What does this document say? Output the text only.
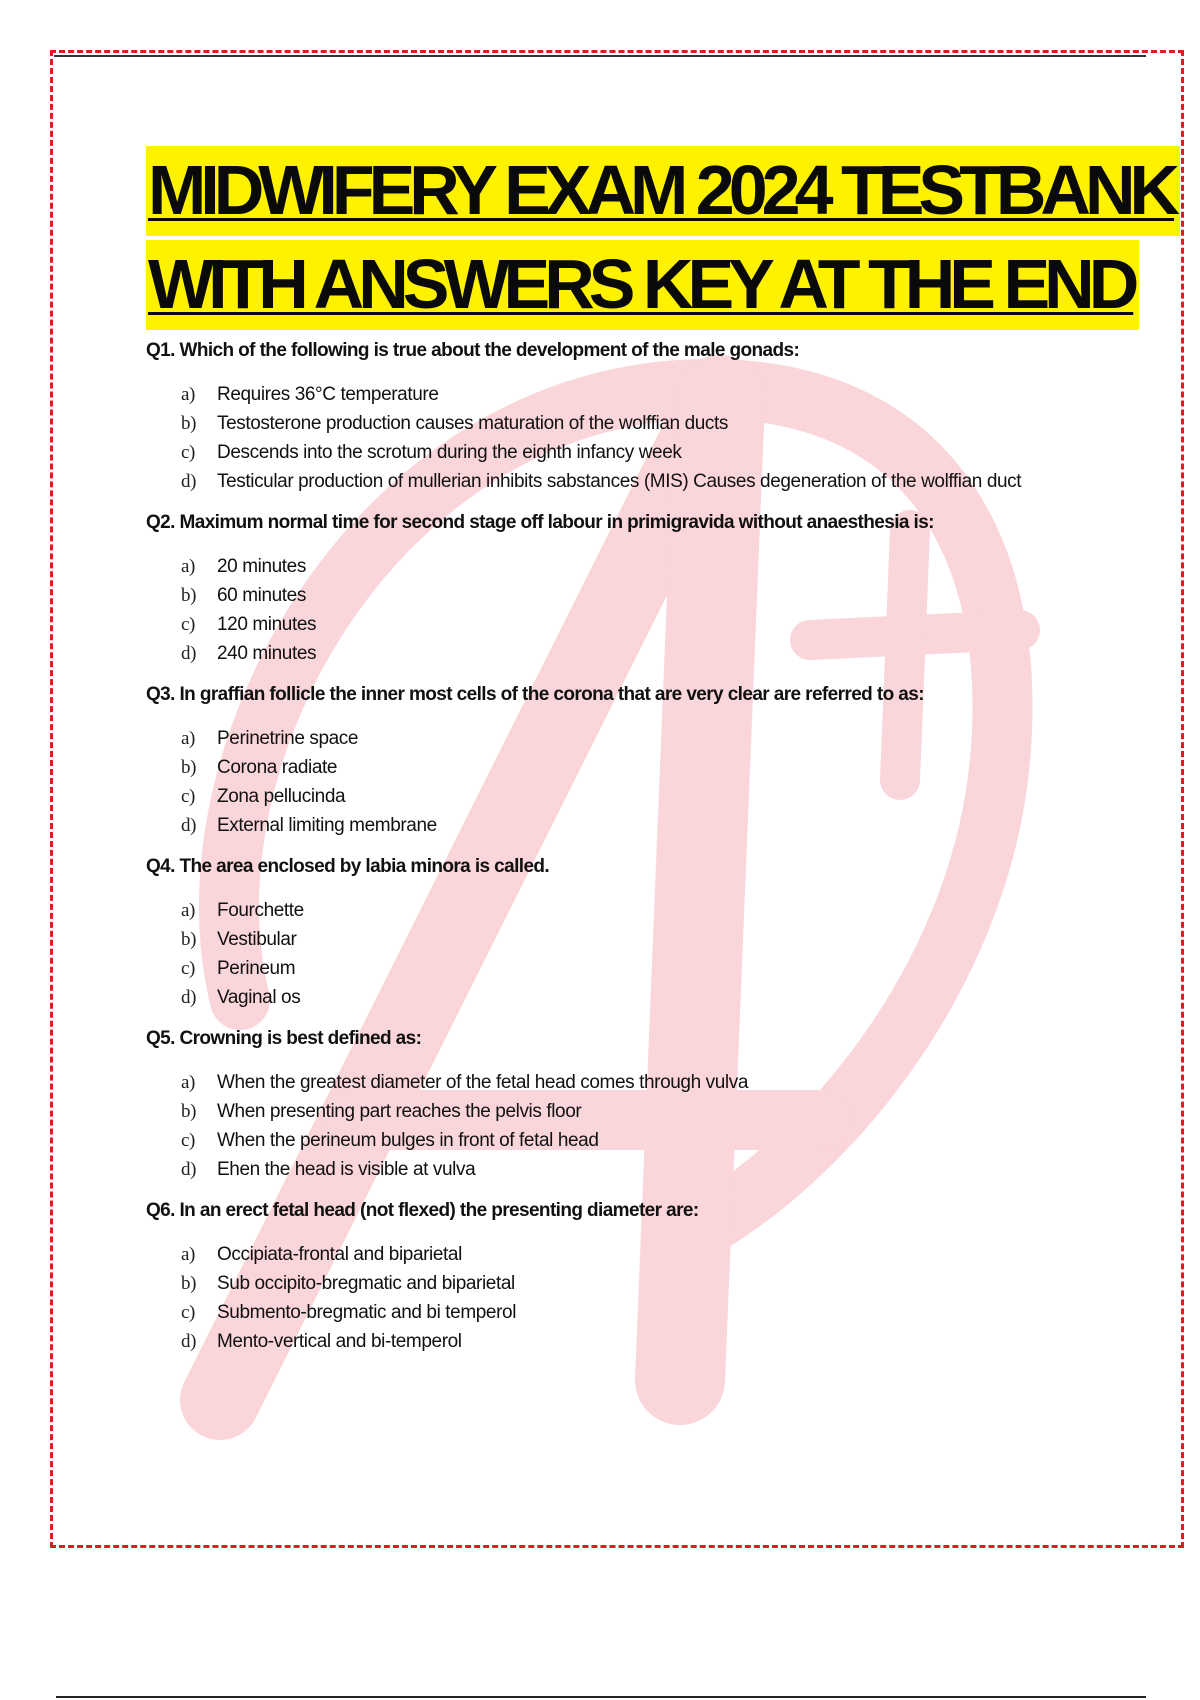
MIDWIFERY EXAM 2024 TESTBANK
WITH ANSWERS KEY AT THE END

Q1. Which of the following is true about the development of the male gonads:

a)	Requires 36°C temperature
b)	Testosterone production causes maturation of the wolffian ducts
c)	Descends into the scrotum during the eighth infancy week
d)	Testicular production of mullerian inhibits sabstances (MIS) Causes degeneration of the wolffian duct

Q2. Maximum normal time for second stage off labour in primigravida without anaesthesia is:

a)	20 minutes
b)	60 minutes
c)	120 minutes
d)	240 minutes

Q3. In graffian follicle the inner most cells of the corona that are very clear are referred to as:

a)	Perinetrine space
b)	Corona radiate
c)	Zona pellucinda
d)	External limiting membrane

Q4. The area enclosed by labia minora is called.

a)	Fourchette
b)	Vestibular
c)	Perineum
d)	Vaginal os

Q5. Crowning is best defined as:

a)	When the greatest diameter of the fetal head comes through vulva
b)	When presenting part reaches the pelvis floor
c)	When the perineum bulges in front of fetal head
d)	Ehen the head is visible at vulva

Q6. In an erect fetal head (not flexed) the presenting diameter are:

a)	Occipiata-frontal and biparietal
b)	Sub occipito-bregmatic and biparietal
c)	Submento-bregmatic and bi temperol
d)	Mento-vertical and bi-temperol
